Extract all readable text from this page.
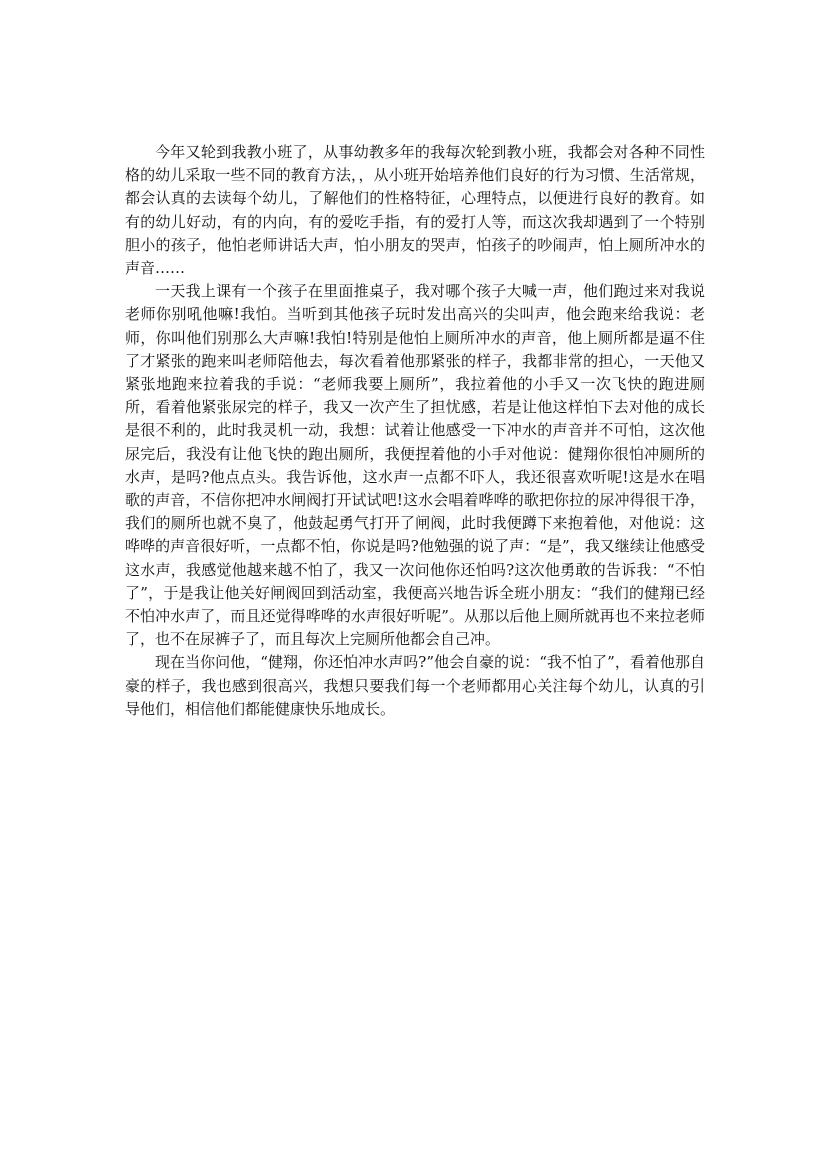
今年又轮到我教小班了，从事幼教多年的我每次轮到教小班，我都会对各种不同性格的幼儿采取一些不同的教育方法，，从小班开始培养他们良好的行为习惯、生活常规，都会认真的去读每个幼儿，了解他们的性格特征，心理特点，以便进行良好的教育。如有的幼儿好动，有的内向，有的爱吃手指，有的爱打人等，而这次我却遇到了一个特别胆小的孩子，他怕老师讲话大声，怕小朋友的哭声，怕孩子的吵闹声，怕上厕所冲水的声音……

一天我上课有一个孩子在里面推桌子，我对哪个孩子大喊一声，他们跑过来对我说老师你别吼他嘛!我怕。当听到其他孩子玩时发出高兴的尖叫声，他会跑来给我说：老师，你叫他们别那么大声嘛!我怕!特别是他怕上厕所冲水的声音，他上厕所都是逼不住了才紧张的跑来叫老师陪他去，每次看着他那紧张的样子，我都非常的担心，一天他又紧张地跑来拉着我的手说：“老师我要上厕所”，我拉着他的小手又一次飞快的跑进厕所，看着他紧张尿完的样子，我又一次产生了担忧感，若是让他这样怕下去对他的成长是很不利的，此时我灵机一动，我想：试着让他感受一下冲水的声音并不可怕，这次他尿完后，我没有让他飞快的跑出厕所，我便捏着他的小手对他说：健翔你很怕冲厕所的水声，是吗?他点点头。我告诉他，这水声一点都不吓人，我还很喜欢听呢!这是水在唱歌的声音，不信你把冲水闸阀打开试试吧!这水会唱着哗哗的歌把你拉的尿冲得很干净，我们的厕所也就不臭了，他鼓起勇气打开了闸阀，此时我便蹲下来抱着他，对他说：这哗哗的声音很好听，一点都不怕，你说是吗?他勉强的说了声：“是”，我又继续让他感受这水声，我感觉他越来越不怕了，我又一次问他你还怕吗?这次他勇敢的告诉我：“不怕了”，于是我让他关好闸阀回到活动室，我便高兴地告诉全班小朋友：“我们的健翔已经不怕冲水声了，而且还觉得哗哗的水声很好听呢”。从那以后他上厕所就再也不来拉老师了，也不在尿裤子了，而且每次上完厕所他都会自己冲。

现在当你问他，“健翔，你还怕冲水声吗?”他会自豪的说：“我不怕了”，看着他那自豪的样子，我也感到很高兴，我想只要我们每一个老师都用心关注每个幼儿，认真的引导他们，相信他们都能健康快乐地成长。
